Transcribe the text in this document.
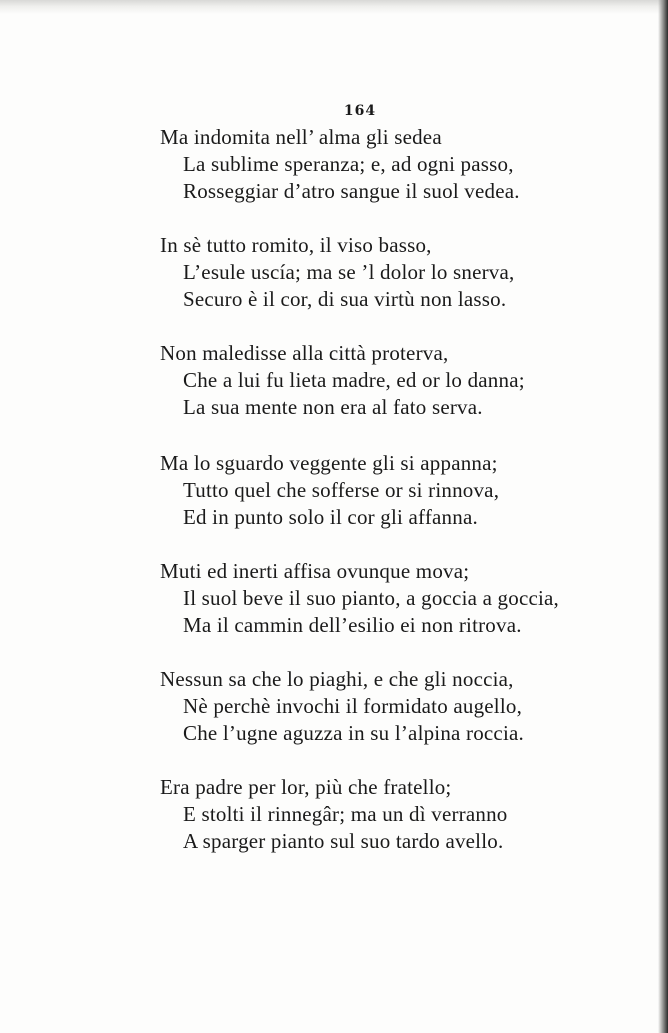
164
Ma indomita nell’ alma gli sedea
La sublime speranza; e, ad ogni passo,
Rosseggiar d’atro sangue il suol vedea.
In sè tutto romito, il viso basso,
L’esule uscía; ma se ’l dolor lo snerva,
Securo è il cor, di sua virtù non lasso.
Non maledisse alla città proterva,
Che a lui fu lieta madre, ed or lo danna;
La sua mente non era al fato serva.
Ma lo sguardo veggente gli si appanna;
Tutto quel che sofferse or si rinnova,
Ed in punto solo il cor gli affanna.
Muti ed inerti affisa ovunque mova;
Il suol beve il suo pianto, a goccia a goccia,
Ma il cammin dell’esilio ei non ritrova.
Nessun sa che lo piaghi, e che gli noccia,
Nè perchè invochi il formidato augello,
Che l’ugne aguzza in su l’alpina roccia.
Era padre per lor, più che fratello;
E stolti il rinnegâr; ma un dì verranno
A sparger pianto sul suo tardo avello.
